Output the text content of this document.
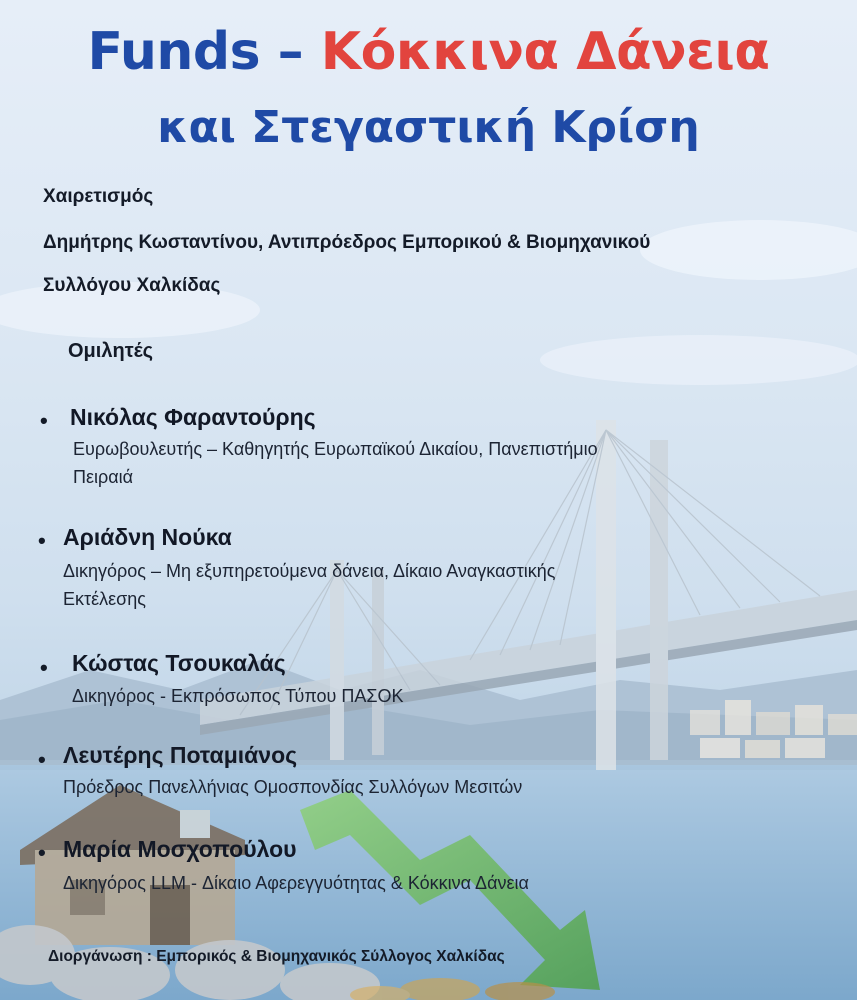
Funds – Κόκκινα Δάνεια
και Στεγαστική Κρίση
Χαιρετισμός
Δημήτρης Κωσταντίνου, Αντιπρόεδρος Εμπορικού & Βιομηχανικού
Συλλόγου Χαλκίδας
Ομιλητές
• Νικόλας Φαραντούρης
Ευρωβουλευτής – Καθηγητής Ευρωπαϊκού Δικαίου, Πανεπιστήμιο
Πειραιά
• Αριάδνη Νούκα
Δικηγόρος – Μη εξυπηρετούμενα δάνεια, Δίκαιο Αναγκαστικής
Εκτέλεσης
• Κώστας Τσουκαλάς
Δικηγόρος - Εκπρόσωπος Τύπου ΠΑΣΟΚ
• Λευτέρης Ποταμιάνος
Πρόεδρος Πανελλήνιας Ομοσπονδίας Συλλόγων Μεσιτών
• Μαρία Μοσχοπούλου
Δικηγόρος LLM - Δίκαιο Αφερεγγυότητας & Κόκκινα Δάνεια
Διοργάνωση : Εμπορικός & Βιομηχανικός Σύλλογος Χαλκίδας
